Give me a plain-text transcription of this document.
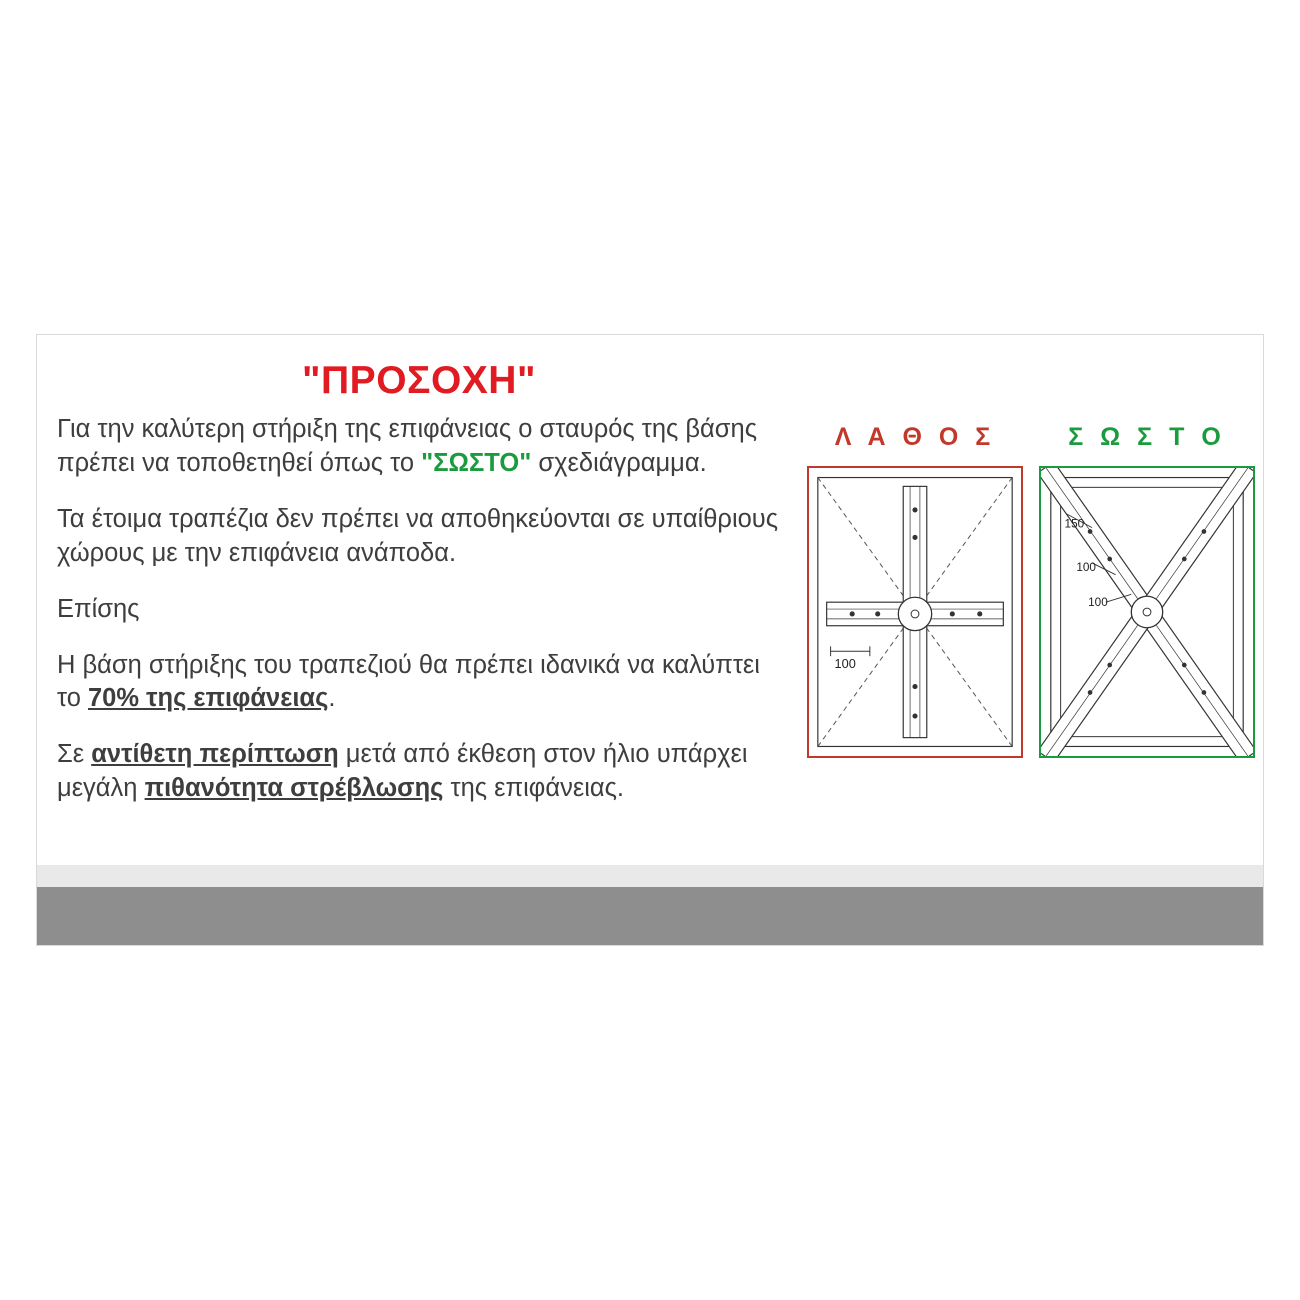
"ΠΡΟΣΟΧΗ"

Για την καλύτερη στήριξη της επιφάνειας ο σταυρός της βάσης πρέπει να τοποθετηθεί όπως το "ΣΩΣΤΟ" σχεδιάγραμμα.

Τα έτοιμα τραπέζια δεν πρέπει να αποθηκεύονται σε υπαίθριους χώρους με την επιφάνεια ανάποδα.

Επίσης

Η βάση στήριξης του τραπεζιού θα πρέπει ιδανικά να καλύπτει το 70% της επιφάνειας.

Σε αντίθετη περίπτωση μετά από έκθεση στον ήλιο υπάρχει μεγάλη πιθανότητα στρέβλωσης της επιφάνειας.

Λ Α Θ Ο Σ
100
Σ Ω Σ Τ Ο
150
100
100
